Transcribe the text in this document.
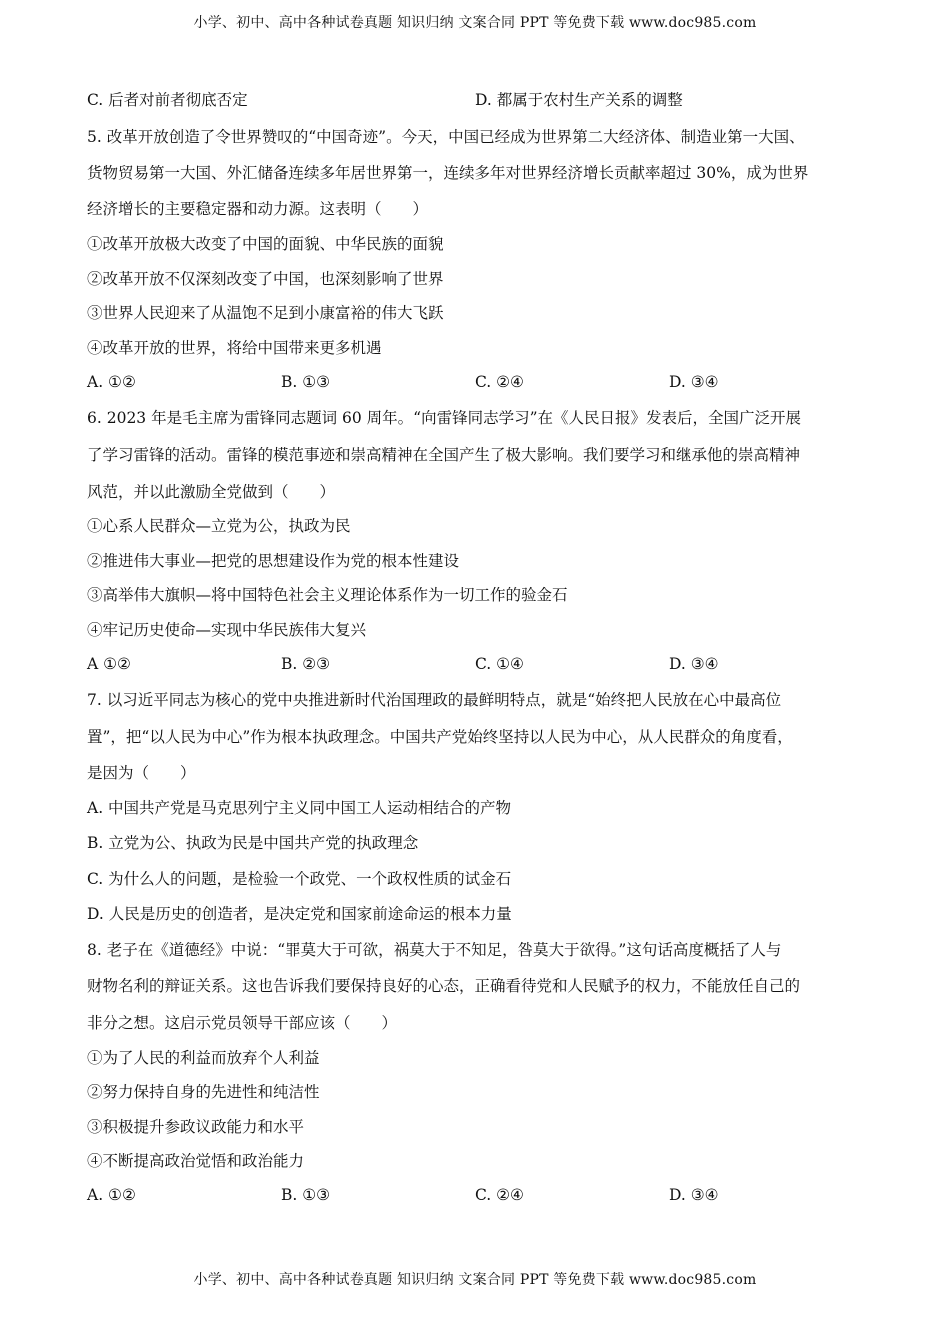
小学、初中、高中各种试卷真题 知识归纳 文案合同 PPT 等免费下载 www.doc985.com
C. 后者对前者彻底否定	D. 都属于农村生产关系的调整
5. 改革开放创造了令世界赞叹的“中国奇迹”。今天，中国已经成为世界第二大经济体、制造业第一大国、
货物贸易第一大国、外汇储备连续多年居世界第一，连续多年对世界经济增长贡献率超过 30%，成为世界
经济增长的主要稳定器和动力源。这表明（　　）
①改革开放极大改变了中国的面貌、中华民族的面貌
②改革开放不仅深刻改变了中国，也深刻影响了世界
③世界人民迎来了从温饱不足到小康富裕的伟大飞跃
④改革开放的世界，将给中国带来更多机遇
A. ①②	B. ①③	C. ②④	D. ③④
6. 2023 年是毛主席为雷锋同志题词 60 周年。“向雷锋同志学习”在《人民日报》发表后，全国广泛开展
了学习雷锋的活动。雷锋的模范事迹和崇高精神在全国产生了极大影响。我们要学习和继承他的崇高精神
风范，并以此激励全党做到（　　）
①心系人民群众—立党为公，执政为民
②推进伟大事业—把党的思想建设作为党的根本性建设
③高举伟大旗帜—将中国特色社会主义理论体系作为一切工作的验金石
④牢记历史使命—实现中华民族伟大复兴
A ①②	B. ②③	C. ①④	D. ③④
7. 以习近平同志为核心的党中央推进新时代治国理政的最鲜明特点，就是“始终把人民放在心中最高位
置”，把“以人民为中心”作为根本执政理念。中国共产党始终坚持以人民为中心，从人民群众的角度看，
是因为（　　）
A. 中国共产党是马克思列宁主义同中国工人运动相结合的产物
B. 立党为公、执政为民是中国共产党的执政理念
C. 为什么人的问题，是检验一个政党、一个政权性质的试金石
D. 人民是历史的创造者，是决定党和国家前途命运的根本力量
8. 老子在《道德经》中说：“罪莫大于可欲，祸莫大于不知足，咎莫大于欲得。”这句话高度概括了人与
财物名利的辩证关系。这也告诉我们要保持良好的心态，正确看待党和人民赋予的权力，不能放任自己的
非分之想。这启示党员领导干部应该（　　）
①为了人民的利益而放弃个人利益
②努力保持自身的先进性和纯洁性
③积极提升参政议政能力和水平
④不断提高政治觉悟和政治能力
A. ①②	B. ①③	C. ②④	D. ③④
小学、初中、高中各种试卷真题 知识归纳 文案合同 PPT 等免费下载 www.doc985.com
